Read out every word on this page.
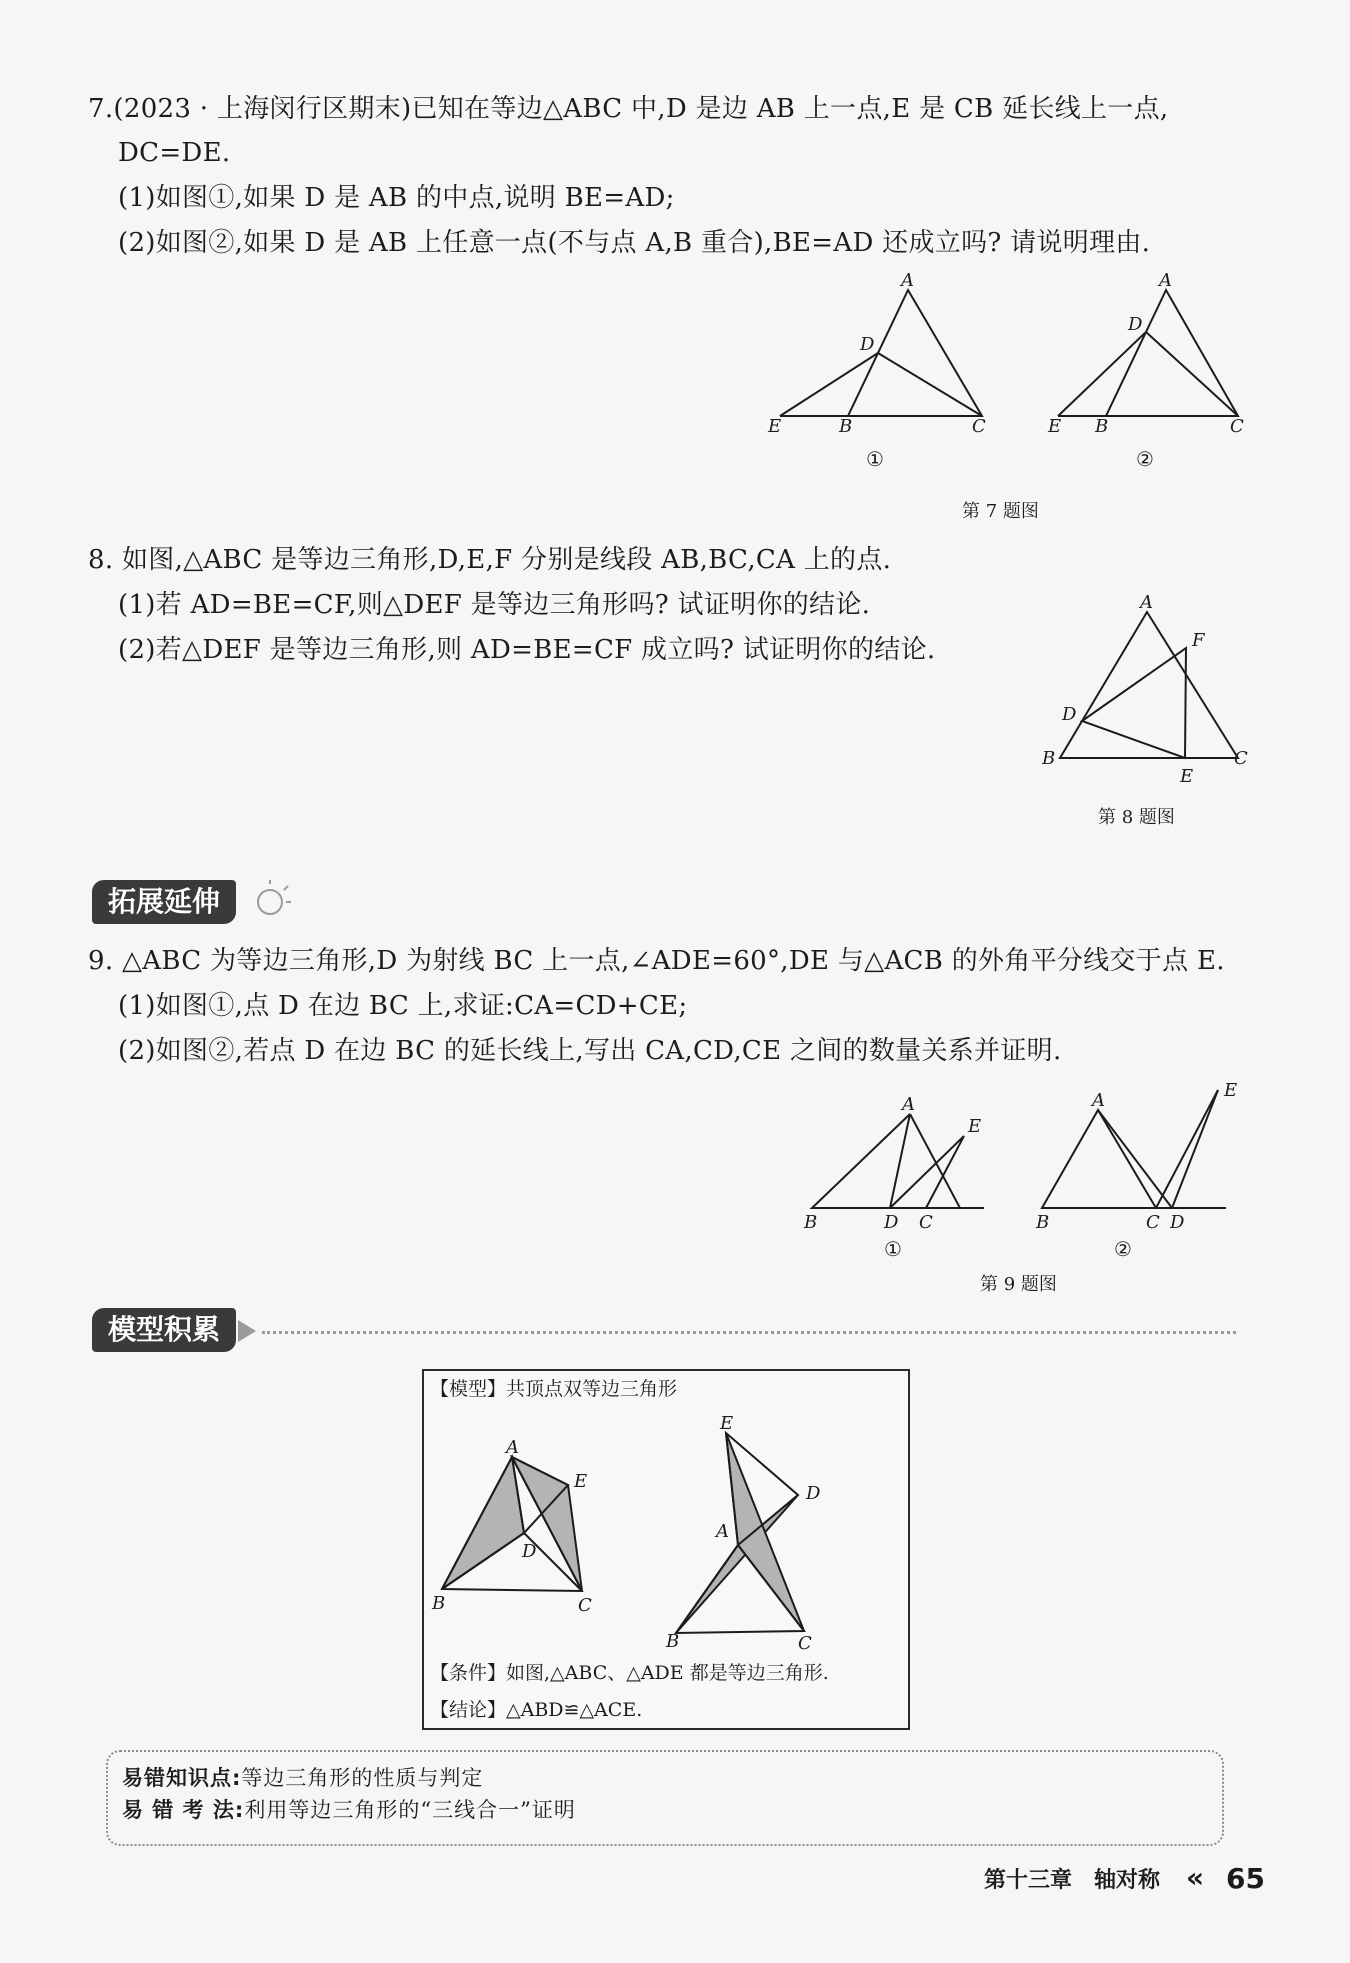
7.(2023 · 上海闵行区期末)已知在等边△ABC 中,D 是边 AB 上一点,E 是 CB 延长线上一点,
DC=DE.
(1)如图①,如果 D 是 AB 的中点,说明 BE=AD;
(2)如图②,如果 D 是 AB 上任意一点(不与点 A,B 重合),BE=AD 还成立吗? 请说明理由.
A
D
E	B	C
①
A
D
E B	C
②
第 7 题图
8. 如图,△ABC 是等边三角形,D,E,F 分别是线段 AB,BC,CA 上的点.
(1)若 AD=BE=CF,则△DEF 是等边三角形吗? 试证明你的结论.
(2)若△DEF 是等边三角形,则 AD=BE=CF 成立吗? 试证明你的结论.
A
F
D
B
E
C
第 8 题图
拓展延伸
9. △ABC 为等边三角形,D 为射线 BC 上一点,∠ADE=60°,DE 与△ACB 的外角平分线交于点 E.
(1)如图①,点 D 在边 BC 上,求证:CA=CD+CE;
(2)如图②,若点 D 在边 BC 的延长线上,写出 CA,CD,CE 之间的数量关系并证明.
A
E
B	D C
①
A	E
B	C D
②
第 9 题图
模型积累
【模型】共顶点双等边三角形
A
E
D
B	C
E
D
A
B	C
【条件】如图,△ABC、△ADE 都是等边三角形.
【结论】△ABD≌△ACE.
易错知识点:等边三角形的性质与判定
易 错 考 法:利用等边三角形的“三线合一”证明
第十三章　轴对称 « 65
